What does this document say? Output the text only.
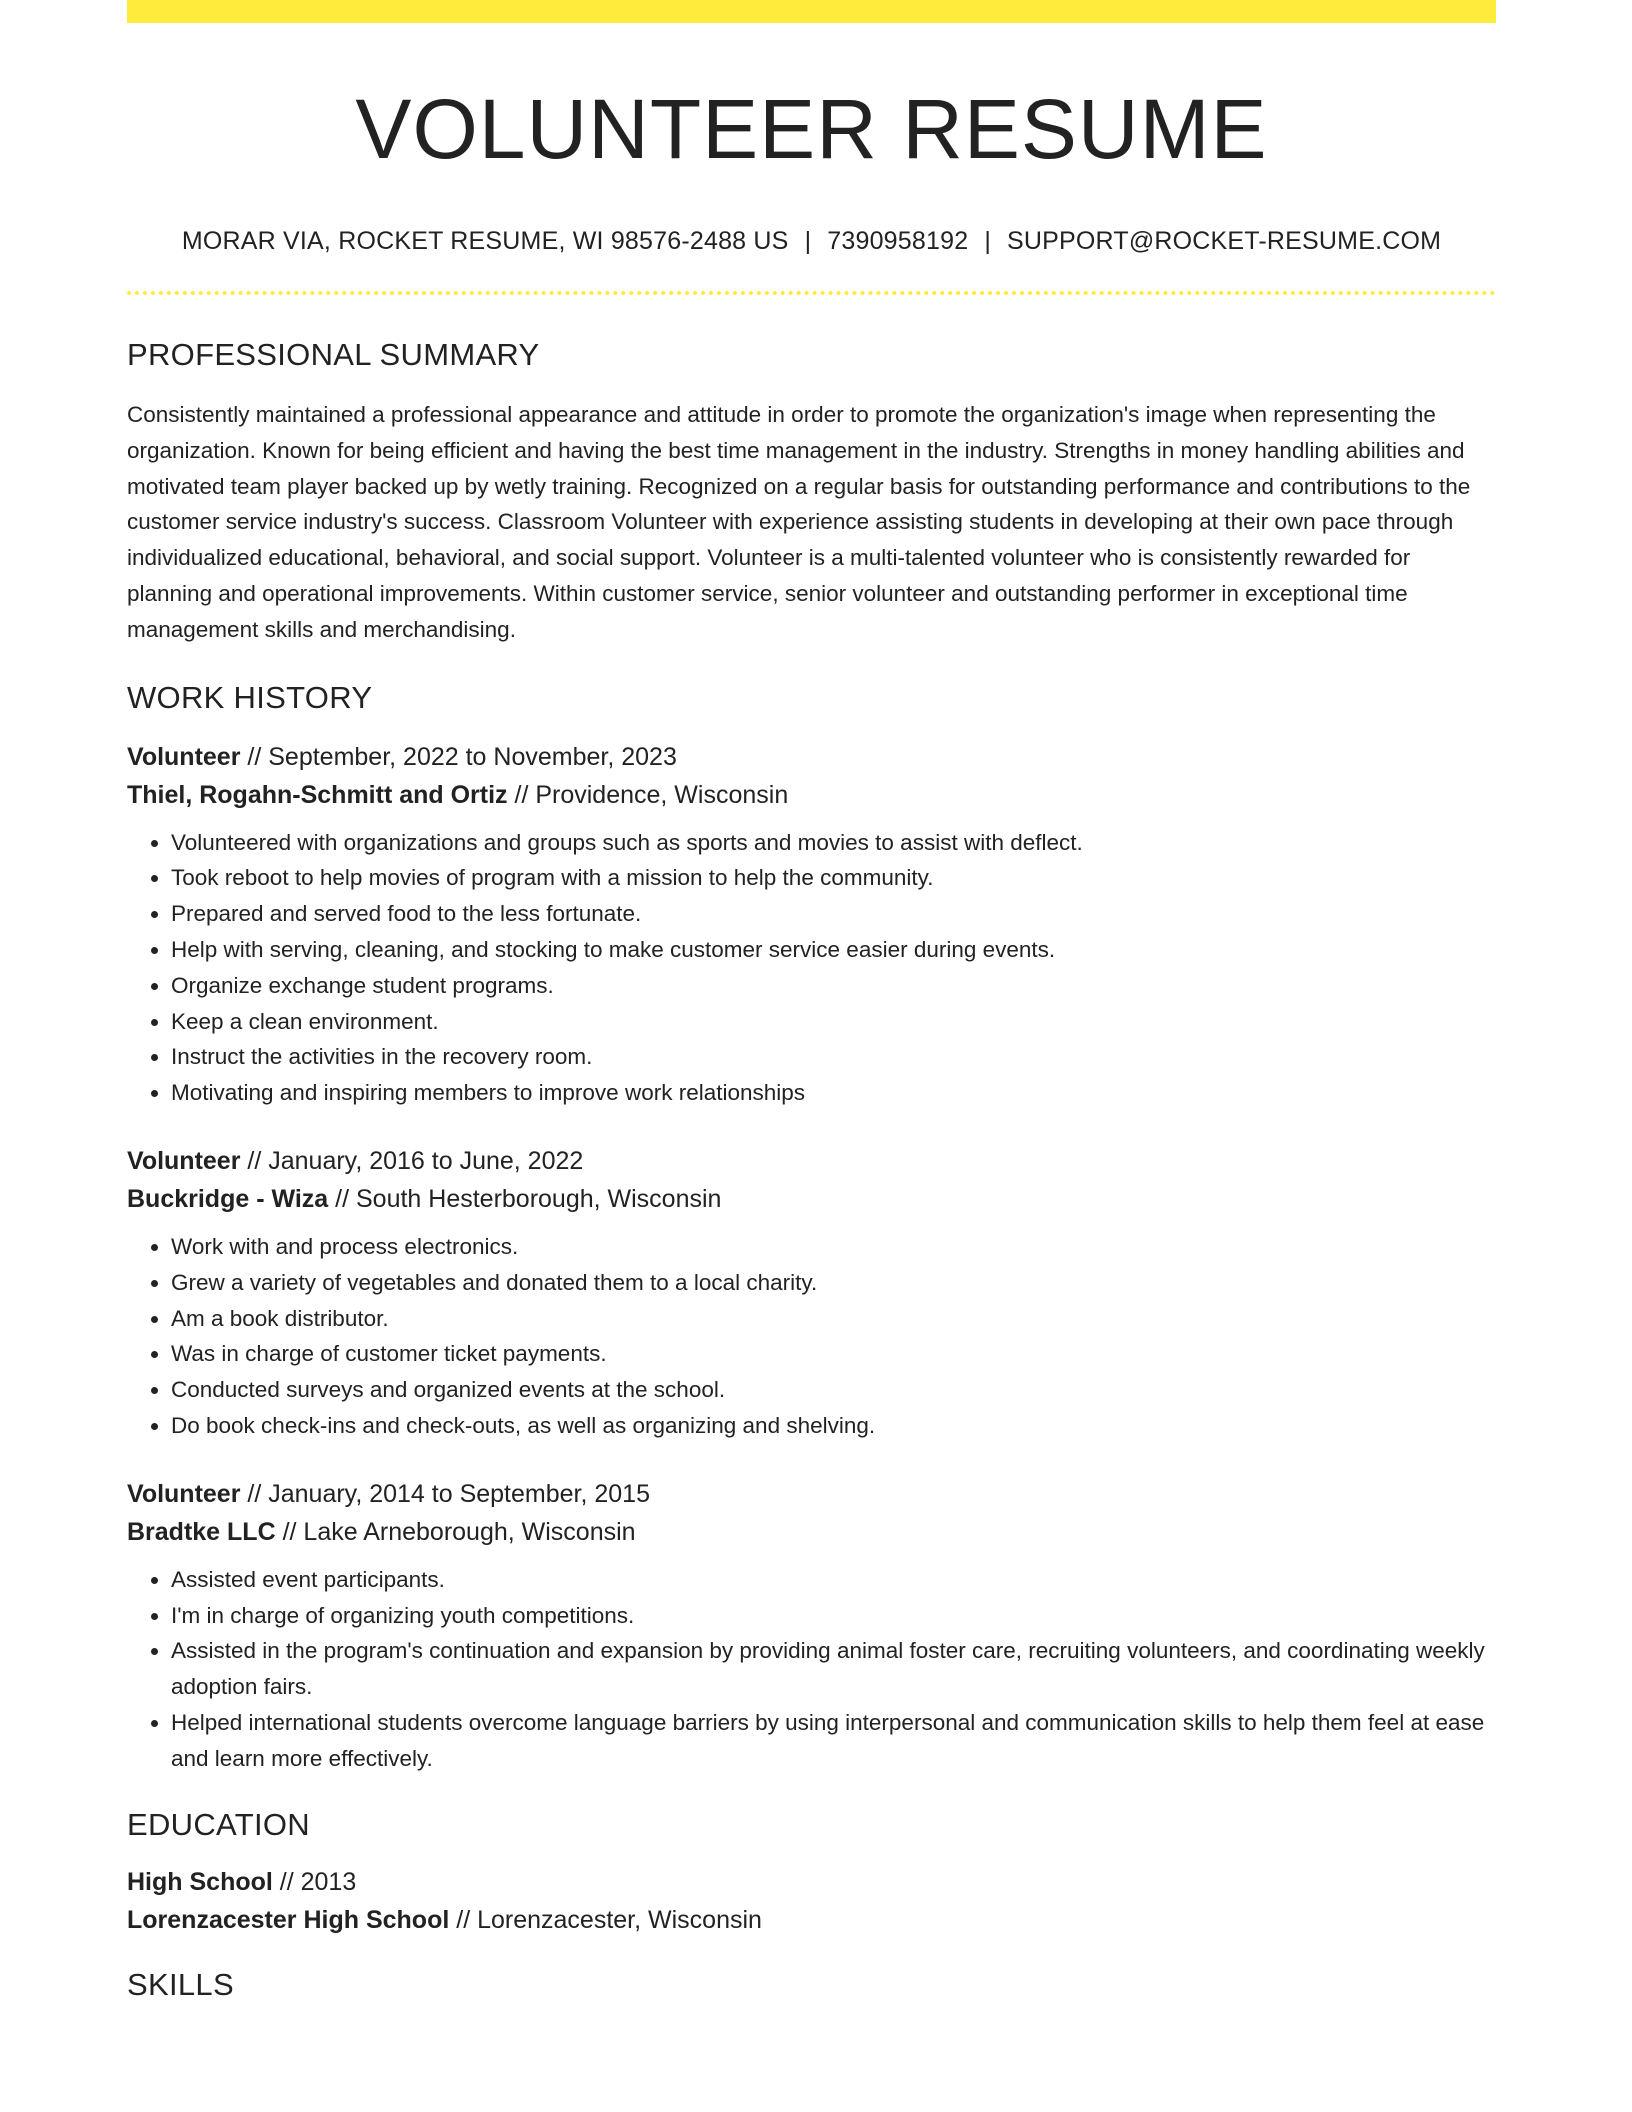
VOLUNTEER RESUME
MORAR VIA, ROCKET RESUME, WI 98576-2488 US | 7390958192 | SUPPORT@ROCKET-RESUME.COM
PROFESSIONAL SUMMARY

Consistently maintained a professional appearance and attitude in order to promote the organization's image when representing the organization. Known for being efficient and having the best time management in the industry. Strengths in money handling abilities and motivated team player backed up by wetly training. Recognized on a regular basis for outstanding performance and contributions to the customer service industry's success. Classroom Volunteer with experience assisting students in developing at their own pace through individualized educational, behavioral, and social support. Volunteer is a multi-talented volunteer who is consistently rewarded for planning and operational improvements. Within customer service, senior volunteer and outstanding performer in exceptional time management skills and merchandising.

WORK HISTORY
Volunteer // September, 2022 to November, 2023
Thiel, Rogahn-Schmitt and Ortiz // Providence, Wisconsin
• Volunteered with organizations and groups such as sports and movies to assist with deflect.
• Took reboot to help movies of program with a mission to help the community.
• Prepared and served food to the less fortunate.
• Help with serving, cleaning, and stocking to make customer service easier during events.
• Organize exchange student programs.
• Keep a clean environment.
• Instruct the activities in the recovery room.
• Motivating and inspiring members to improve work relationships
Volunteer // January, 2016 to June, 2022
Buckridge - Wiza // South Hesterborough, Wisconsin
• Work with and process electronics.
• Grew a variety of vegetables and donated them to a local charity.
• Am a book distributor.
• Was in charge of customer ticket payments.
• Conducted surveys and organized events at the school.
• Do book check-ins and check-outs, as well as organizing and shelving.
Volunteer // January, 2014 to September, 2015
Bradtke LLC // Lake Arneborough, Wisconsin
• Assisted event participants.
• I'm in charge of organizing youth competitions.
• Assisted in the program's continuation and expansion by providing animal foster care, recruiting volunteers, and coordinating weekly adoption fairs.
• Helped international students overcome language barriers by using interpersonal and communication skills to help them feel at ease and learn more effectively.
EDUCATION
High School // 2013
Lorenzacester High School // Lorenzacester, Wisconsin
SKILLS
